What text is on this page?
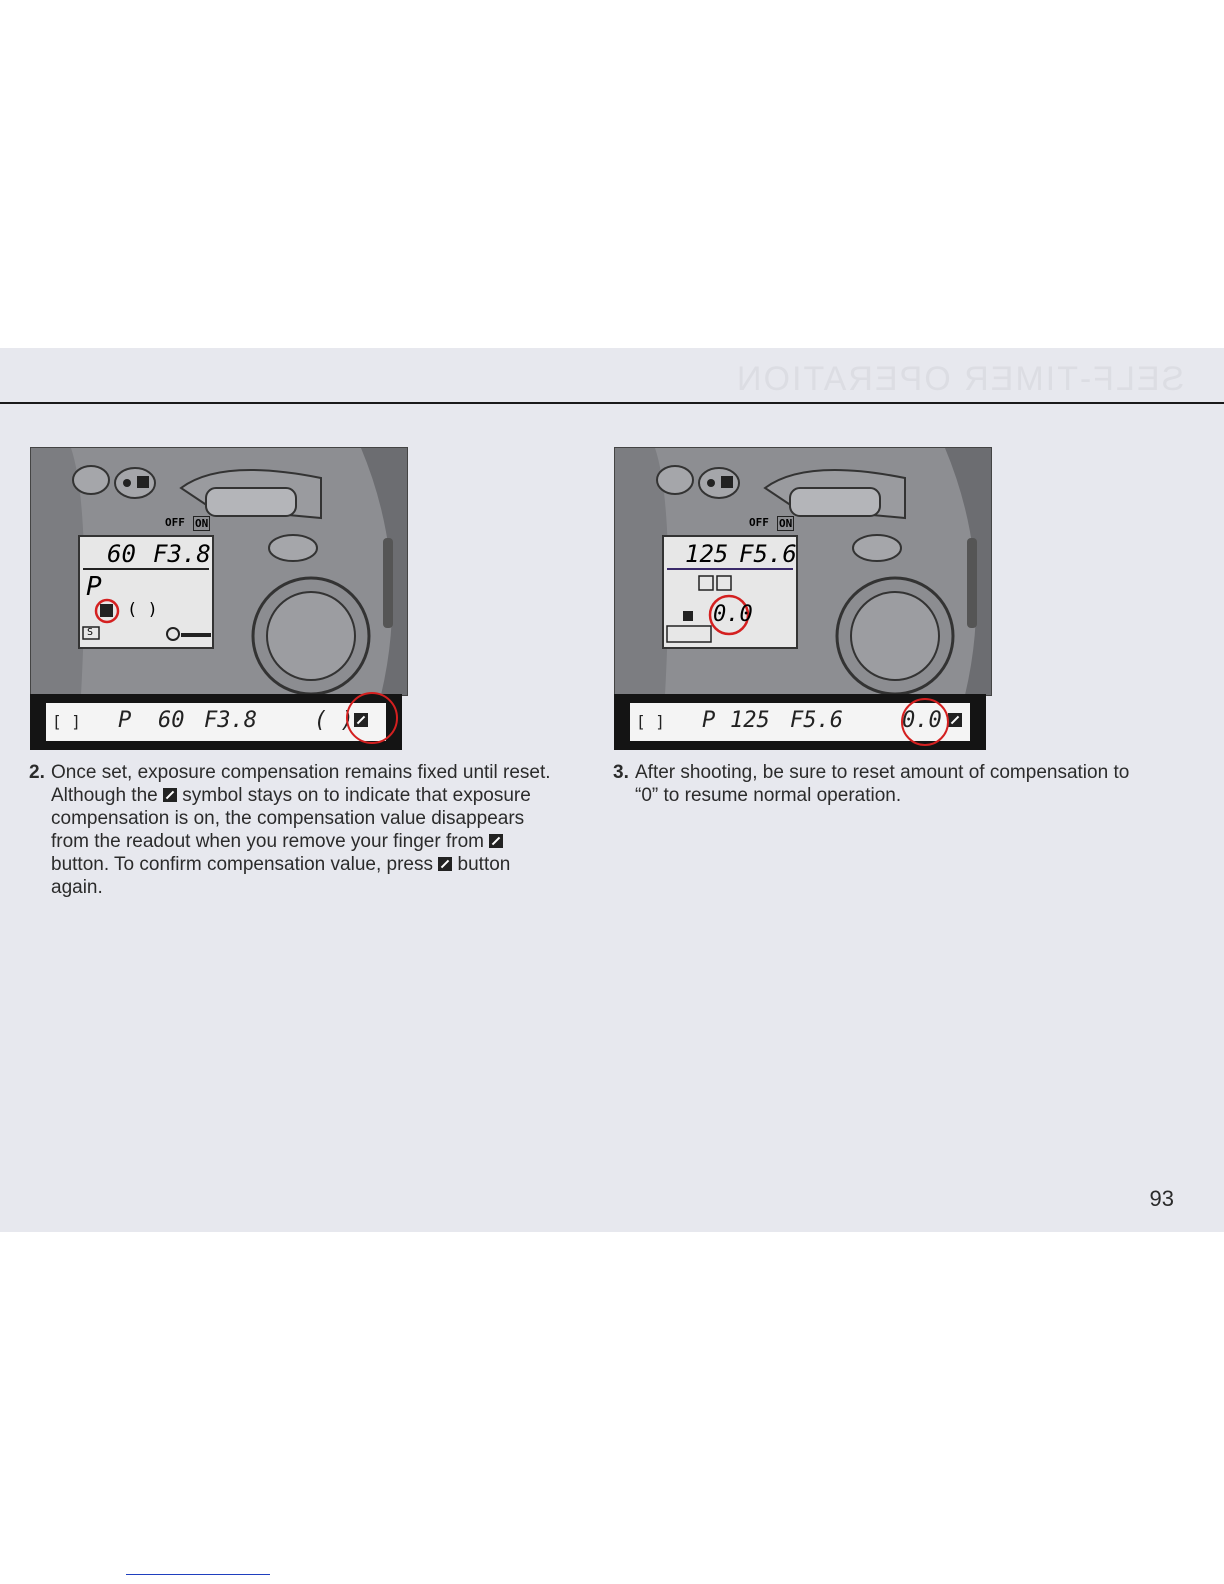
SELF-TIMER OPERATION
OFF ON
60 F3.8
P
( )
S
[ ] P 60 F3.8	( )
OFF ON
125 F5.6
0.0
[ ] P 125 F5.6	0.0
2. Once set, exposure compensation remains fixed until reset.
Although the symbol stays on to indicate that exposure
compensation is on, the compensation value disappears
from the readout when you remove your finger from
button. To confirm compensation value, press button
again.
3. After shooting, be sure to reset amount of compensation to
“0” to resume normal operation.
93
